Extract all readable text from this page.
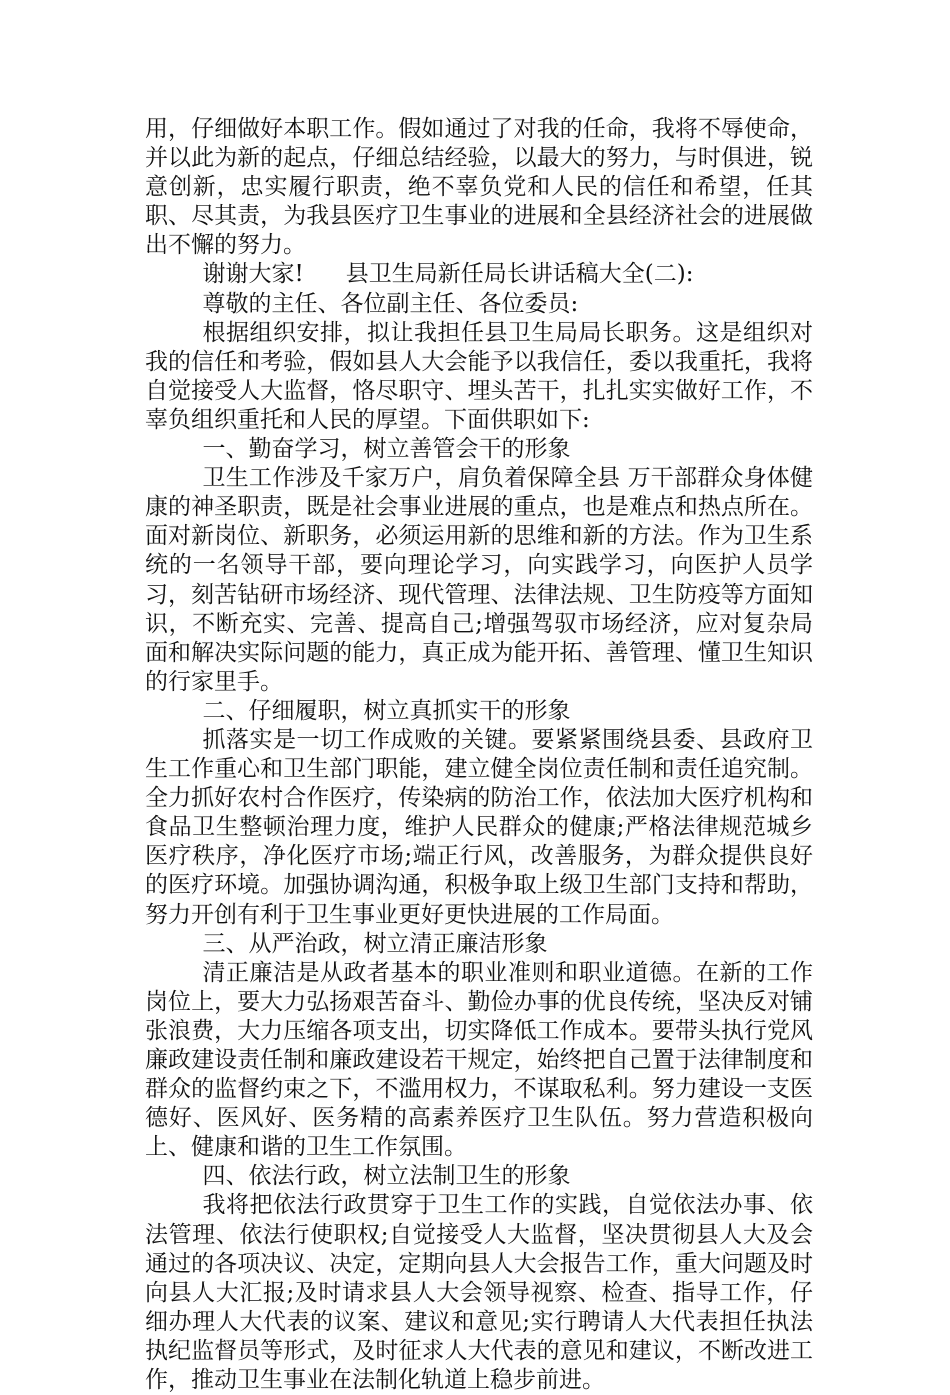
用，仔细做好本职工作。假如通过了对我的任命，我将不辱使命，并以此为新的起点，仔细总结经验，以最大的努力，与时俱进，锐意创新，忠实履行职责，绝不辜负党和人民的信任和希望，任其职、尽其责，为我县医疗卫生事业的进展和全县经济社会的进展做出不懈的努力。

谢谢大家! 县卫生局新任局长讲话稿大全(二):

尊敬的主任、各位副主任、各位委员:

根据组织安排，拟让我担任县卫生局局长职务。这是组织对我的信任和考验，假如县人大会能予以我信任，委以我重托，我将自觉接受人大监督，恪尽职守、埋头苦干，扎扎实实做好工作，不辜负组织重托和人民的厚望。下面供职如下:

一、勤奋学习，树立善管会干的形象

卫生工作涉及千家万户，肩负着保障全县 万干部群众身体健康的神圣职责，既是社会事业进展的重点，也是难点和热点所在。面对新岗位、新职务，必须运用新的思维和新的方法。作为卫生系统的一名领导干部，要向理论学习，向实践学习，向医护人员学习，刻苦钻研市场经济、现代管理、法律法规、卫生防疫等方面知识，不断充实、完善、提高自己;增强驾驭市场经济，应对复杂局面和解决实际问题的能力，真正成为能开拓、善管理、懂卫生知识的行家里手。

二、仔细履职，树立真抓实干的形象

抓落实是一切工作成败的关键。要紧紧围绕县委、县政府卫生工作重心和卫生部门职能，建立健全岗位责任制和责任追究制。全力抓好农村合作医疗，传染病的防治工作，依法加大医疗机构和食品卫生整顿治理力度，维护人民群众的健康;严格法律规范城乡医疗秩序，净化医疗市场;端正行风，改善服务，为群众提供良好的医疗环境。加强协调沟通，积极争取上级卫生部门支持和帮助，努力开创有利于卫生事业更好更快进展的工作局面。

三、从严治政，树立清正廉洁形象

清正廉洁是从政者基本的职业准则和职业道德。在新的工作岗位上，要大力弘扬艰苦奋斗、勤俭办事的优良传统，坚决反对铺张浪费，大力压缩各项支出，切实降低工作成本。要带头执行党风廉政建设责任制和廉政建设若干规定，始终把自己置于法律制度和群众的监督约束之下，不滥用权力，不谋取私利。努力建设一支医德好、医风好、医务精的高素养医疗卫生队伍。努力营造积极向上、健康和谐的卫生工作氛围。

四、依法行政，树立法制卫生的形象

我将把依法行政贯穿于卫生工作的实践，自觉依法办事、依法管理、依法行使职权;自觉接受人大监督，坚决贯彻县人大及会通过的各项决议、决定，定期向县人大会报告工作，重大问题及时向县人大汇报;及时请求县人大会领导视察、检查、指导工作，仔细办理人大代表的议案、建议和意见;实行聘请人大代表担任执法执纪监督员等形式，及时征求人大代表的意见和建议，不断改进工作，推动卫生事业在法制化轨道上稳步前进。
